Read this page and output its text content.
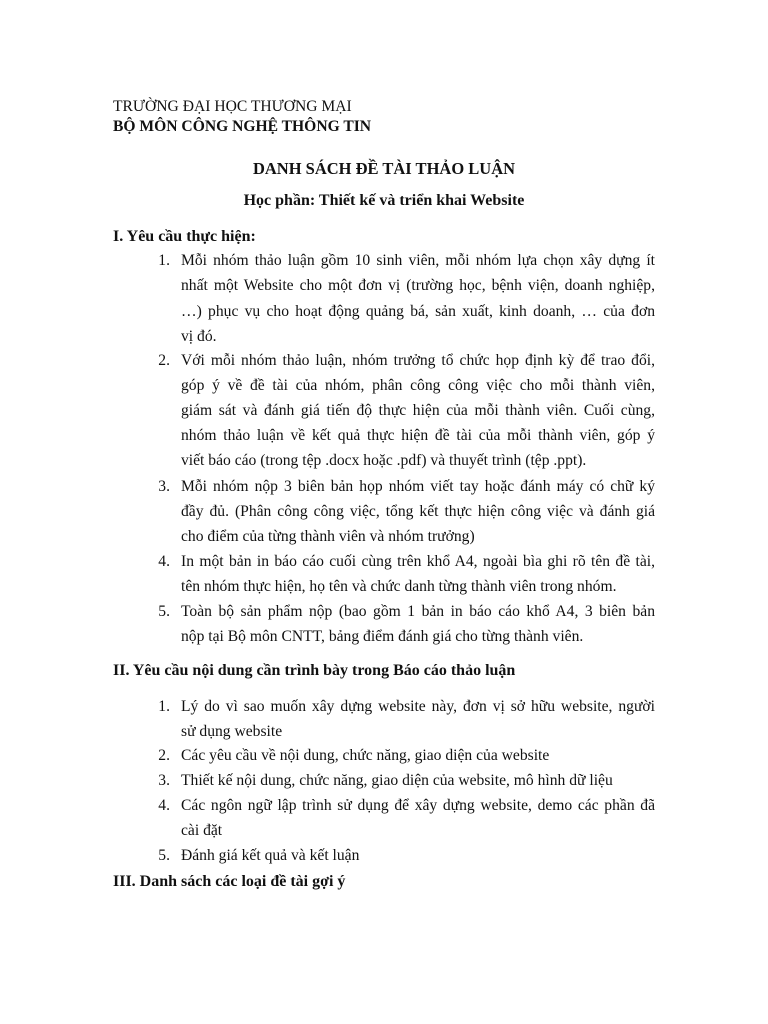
TRƯỜNG ĐẠI HỌC THƯƠNG MẠI
BỘ MÔN CÔNG NGHỆ THÔNG TIN
DANH SÁCH ĐỀ TÀI THẢO LUẬN
Học phần: Thiết kế và triển khai Website
I. Yêu cầu thực hiện:
1. Mỗi nhóm thảo luận gồm 10 sinh viên, mỗi nhóm lựa chọn xây dựng ít
nhất một Website cho một đơn vị (trường học, bệnh viện, doanh nghiệp,
…) phục vụ cho hoạt động quảng bá, sản xuất, kinh doanh, … của đơn
vị đó.
2. Với mỗi nhóm thảo luận, nhóm trưởng tổ chức họp định kỳ để trao đổi,
góp ý về đề tài của nhóm, phân công công việc cho mỗi thành viên,
giám sát và đánh giá tiến độ thực hiện của mỗi thành viên. Cuối cùng,
nhóm thảo luận về kết quả thực hiện đề tài của mỗi thành viên, góp ý
viết báo cáo (trong tệp .docx hoặc .pdf) và thuyết trình (tệp .ppt).
3. Mỗi nhóm nộp 3 biên bản họp nhóm viết tay hoặc đánh máy có chữ ký
đầy đủ. (Phân công công việc, tổng kết thực hiện công việc và đánh giá
cho điểm của từng thành viên và nhóm trưởng)
4. In một bản in báo cáo cuối cùng trên khổ A4, ngoài bìa ghi rõ tên đề tài,
tên nhóm thực hiện, họ tên và chức danh từng thành viên trong nhóm.
5. Toàn bộ sản phẩm nộp (bao gồm 1 bản in báo cáo khổ A4, 3 biên bản
nộp tại Bộ môn CNTT, bảng điểm đánh giá cho từng thành viên.
II. Yêu cầu nội dung cần trình bày trong Báo cáo thảo luận
1. Lý do vì sao muốn xây dựng website này, đơn vị sở hữu website, người
sử dụng website
2. Các yêu cầu về nội dung, chức năng, giao diện của website
3. Thiết kế nội dung, chức năng, giao diện của website, mô hình dữ liệu
4. Các ngôn ngữ lập trình sử dụng để xây dựng website, demo các phần đã
cài đặt
5. Đánh giá kết quả và kết luận
III. Danh sách các loại đề tài gợi ý
